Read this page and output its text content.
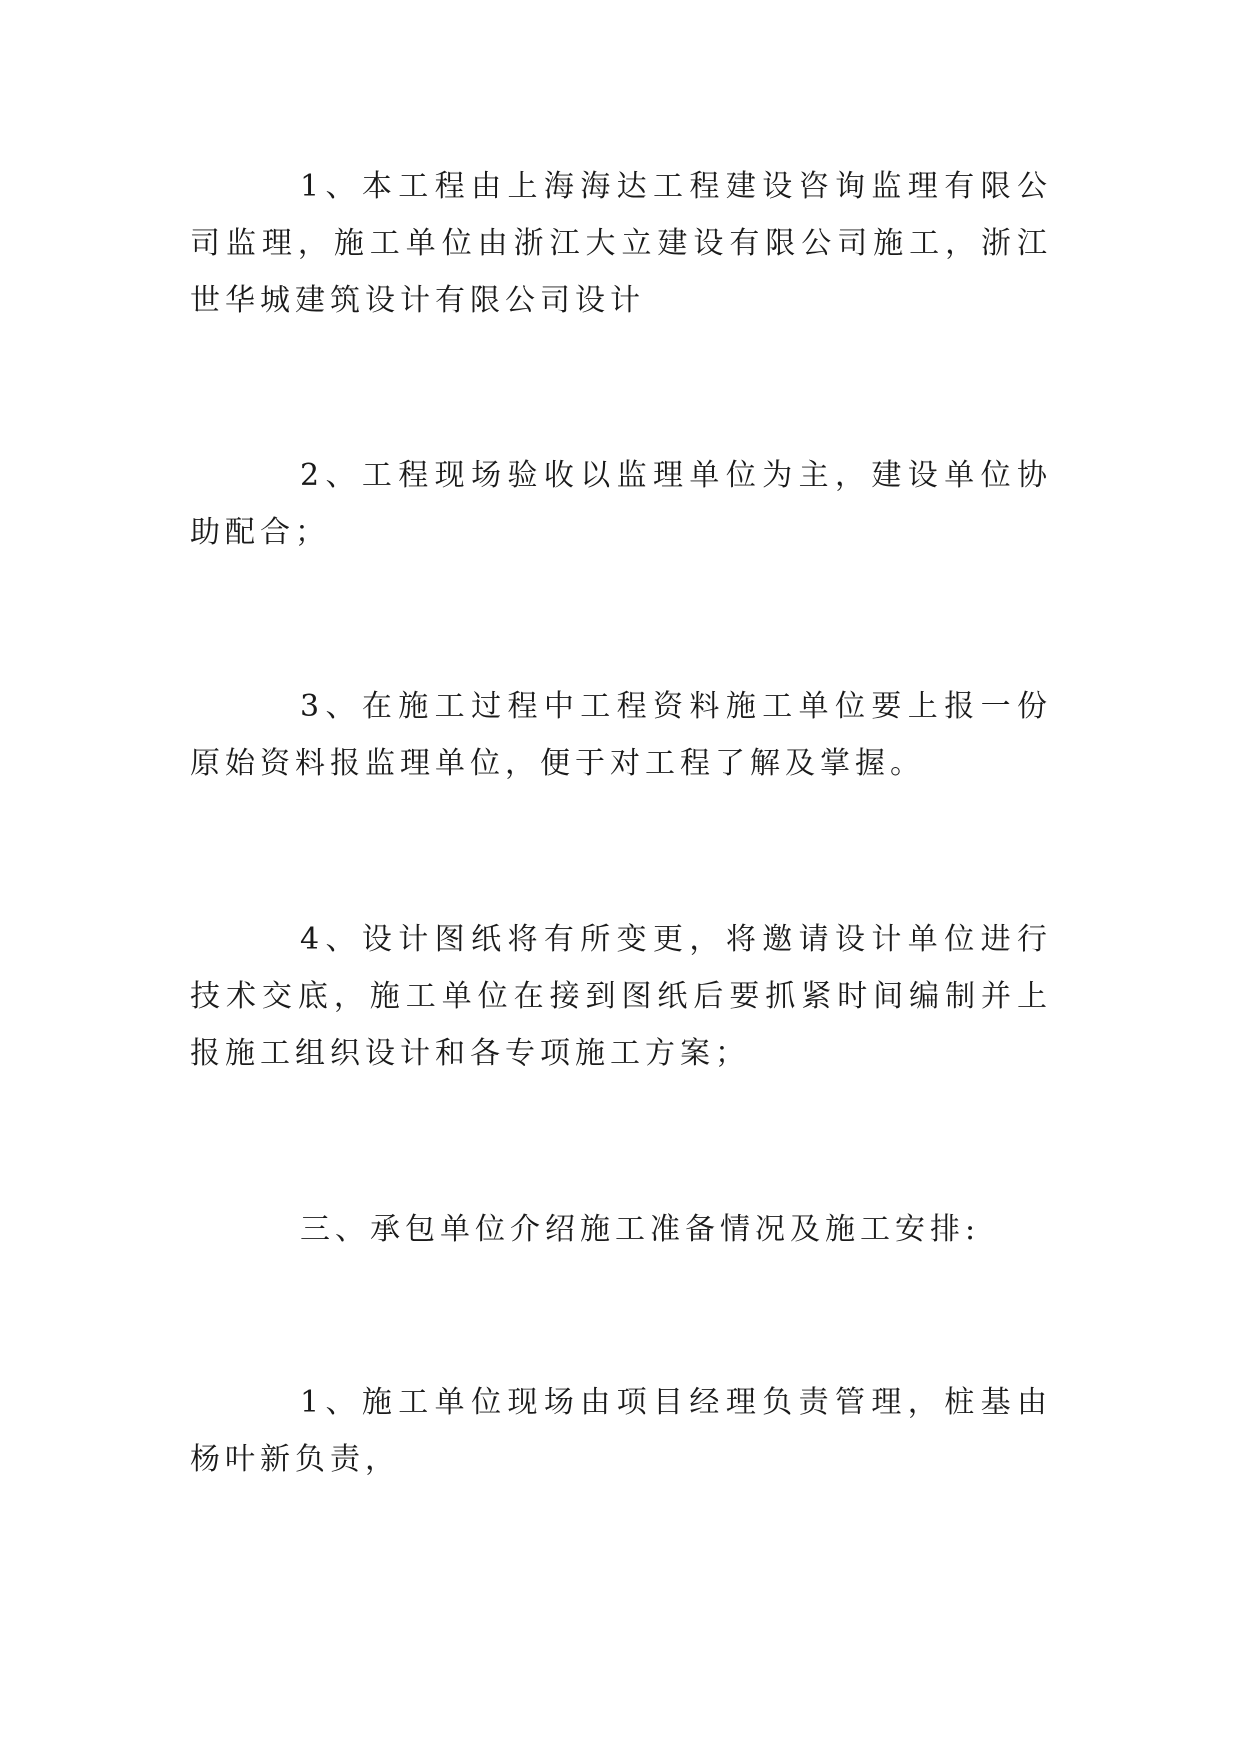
1、本工程由上海海达工程建设咨询监理有限公司监理，施工单位由浙江大立建设有限公司施工，浙江世华城建筑设计有限公司设计

2、工程现场验收以监理单位为主，建设单位协助配合；

3、在施工过程中工程资料施工单位要上报一份原始资料报监理单位，便于对工程了解及掌握。

4、设计图纸将有所变更，将邀请设计单位进行技术交底，施工单位在接到图纸后要抓紧时间编制并上报施工组织设计和各专项施工方案；

三、承包单位介绍施工准备情况及施工安排:

1、施工单位现场由项目经理负责管理，桩基由杨叶新负责，
